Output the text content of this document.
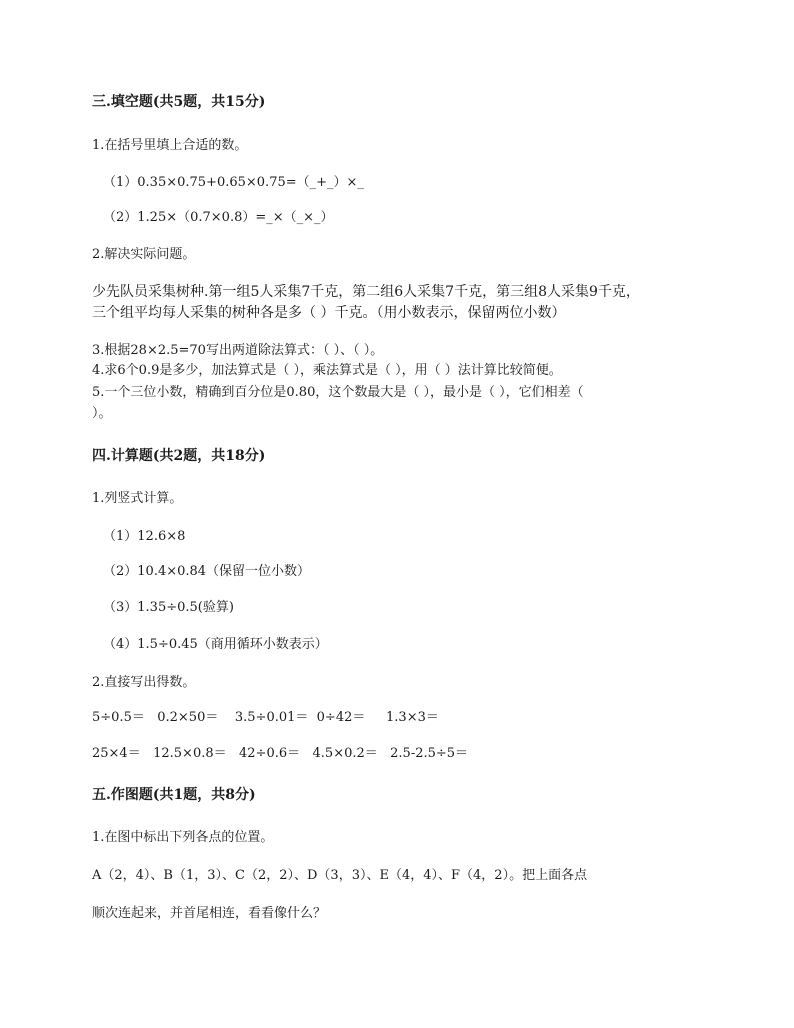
三.填空题(共5题，共15分)
1.在括号里填上合适的数。
（1）0.35×0.75+0.65×0.75=（_+_）×_
（2）1.25×（0.7×0.8）=_×（_×_）
2.解决实际问题。
少先队员采集树种.第一组5人采集7千克，第二组6人采集7千克，第三组8人采集9千克，
三个组平均每人采集的树种各是多（ ）千克。（用小数表示，保留两位小数）
3.根据28×2.5=70写出两道除法算式：（ ）、（ ）。
4.求6个0.9是多少，加法算式是（ ），乘法算式是（ ），用（ ）法计算比较简便。
5.一个三位小数，精确到百分位是0.80，这个数最大是（ ），最小是（ ），它们相差（
）。
四.计算题(共2题，共18分)
1.列竖式计算。
（1）12.6×8
（2）10.4×0.84（保留一位小数）
（3）1.35÷0.5(验算)
（4）1.5÷0.45（商用循环小数表示）
2.直接写出得数。
5÷0.5＝   0.2×50＝    3.5÷0.01＝  0÷42＝     1.3×3＝
25×4＝   12.5×0.8＝   42÷0.6＝   4.5×0.2＝   2.5-2.5÷5＝
五.作图题(共1题，共8分)
1.在图中标出下列各点的位置。
A（2，4）、B（1，3）、C（2，2）、D（3，3）、E（4，4）、F（4，2）。把上面各点
顺次连起来，并首尾相连，看看像什么？
